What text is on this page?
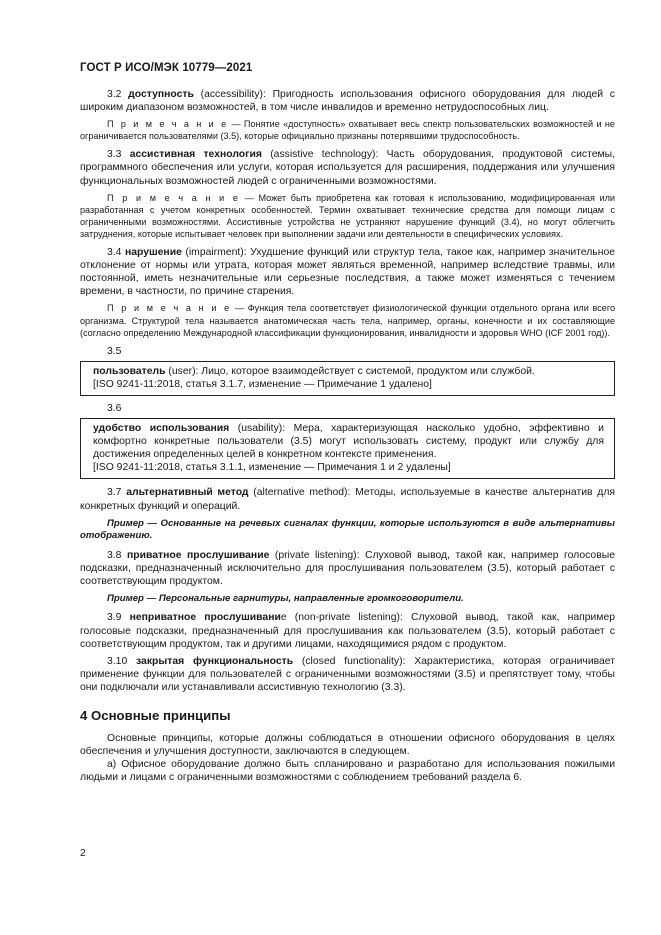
ГОСТ Р ИСО/МЭК 10779—2021

3.2 доступность (accessibility): Пригодность использования офисного оборудования для людей с широким диапазоном возможностей, в том числе инвалидов и временно нетрудоспособных лиц.

П р и м е ч а н и е — Понятие «доступность» охватывает весь спектр пользовательских возможностей и не ограничивается пользователями (3.5), которые официально признаны потерявшими трудоспособность.

3.3 ассистивная технология (assistive technology): Часть оборудования, продуктовой системы, программного обеспечения или услуги, которая используется для расширения, поддержания или улучшения функциональных возможностей людей с ограниченными возможностями.

П р и м е ч а н и е — Может быть приобретена как готовая к использованию, модифицированная или разработанная с учетом конкретных особенностей. Термин охватывает технические средства для помощи лицам с ограниченными возможностями. Ассистивные устройства не устраняют нарушение функций (3.4), но могут облегчить затруднения, которые испытывает человек при выполнении задачи или деятельности в специфических условиях.

3.4 нарушение (impairment): Ухудшение функций или структур тела, такое как, например значительное отклонение от нормы или утрата, которая может являться временной, например вследствие травмы, или постоянной, иметь незначительные или серьезные последствия, а также может изменяться с течением времени, в частности, по причине старения.

П р и м е ч а н и е — Функция тела соответствует физиологической функции отдельного органа или всего организма. Структурой тела называется анатомическая часть тела, например, органы, конечности и их составляющие (согласно определению Международной классификации функционирования, инвалидности и здоровья WHO (ICF 2001 год)).

3.5

пользователь (user): Лицо, которое взаимодействует с системой, продуктом или службой.
[ISO 9241-11:2018, статья 3.1.7, изменение — Примечание 1 удалено]

3.6

удобство использования (usability): Мера, характеризующая насколько удобно, эффективно и комфортно конкретные пользователи (3.5) могут использовать систему, продукт или службу для достижения определенных целей в конкретном контексте применения.
[ISO 9241-11:2018, статья 3.1.1, изменение — Примечания 1 и 2 удалены]

3.7 альтернативный метод (alternative method): Методы, используемые в качестве альтернатив для конкретных функций и операций.

Пример — Основанные на речевых сигналах функции, которые используются в виде альтернативы отображению.

3.8 приватное прослушивание (private listening): Слуховой вывод, такой как, например голосовые подсказки, предназначенный исключительно для прослушивания пользователем (3.5), который работает с соответствующим продуктом.

Пример — Персональные гарнитуры, направленные громкоговорители.

3.9 неприватное прослушивание (non-private listening): Слуховой вывод, такой как, например голосовые подсказки, предназначенный для прослушивания как пользователем (3.5), который работает с соответствующим продуктом, так и другими лицами, находящимися рядом с продуктом.

3.10 закрытая функциональность (closed functionality): Характеристика, которая ограничивает применение функции для пользователей с ограниченными возможностями (3.5) и препятствует тому, чтобы они подключали или устанавливали ассистивную технологию (3.3).

4 Основные принципы

Основные принципы, которые должны соблюдаться в отношении офисного оборудования в целях обеспечения и улучшения доступности, заключаются в следующем.

а) Офисное оборудование должно быть спланировано и разработано для использования пожилыми людьми и лицами с ограниченными возможностями с соблюдением требований раздела 6.

2
